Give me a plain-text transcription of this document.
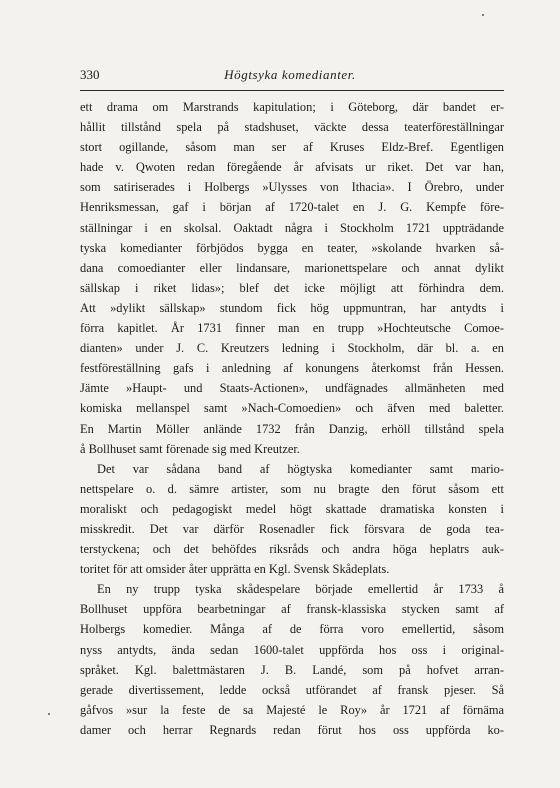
330	Högtsyka komedianter.
ett drama om Marstrands kapitulation; i Göteborg, där bandet er-
hållit tillstånd spela på stadshuset, väckte dessa teaterföreställningar
stort ogillande, såsom man ser af Kruses Eldz-Bref. Egentligen
hade v. Qwoten redan föregående år afvisats ur riket. Det var han,
som satiriserades i Holbergs »Ulysses von Ithacia». I Örebro, under
Henriksmessan, gaf i början af 1720-talet en J. G. Kempfe före-
ställningar i en skolsal. Oaktadt några i Stockholm 1721 uppträdande
tyska komedianter förbjödos bygga en teater, »skolande hvarken så-
dana comoedianter eller lindansare, marionettspelare och annat dylikt
sällskap i riket lidas»; blef det icke möjligt att förhindra dem.
Att »dylikt sällskap» stundom fick hög uppmuntran, har antydts i
förra kapitlet. År 1731 finner man en trupp »Hochteutsche Comoe-
dianten» under J. C. Kreutzers ledning i Stockholm, där bl. a. en
festföreställning gafs i anledning af konungens återkomst från Hessen.
Jämte »Haupt- und Staats-Actionen», undfägnades allmänheten med
komiska mellanspel samt »Nach-Comoedien» och äfven med baletter.
En Martin Möller anlände 1732 från Danzig, erhöll tillstånd spela
å Bollhuset samt förenade sig med Kreutzer.
Det var sådana band af högtyska komedianter samt mario-
nettspelare o. d. sämre artister, som nu bragte den förut såsom ett
moraliskt och pedagogiskt medel högt skattade dramatiska konsten i
misskredit. Det var därför Rosenadler fick försvara de goda tea-
terstyckena; och det behöfdes riksråds och andra höga heplatrs auk-
toritet för att omsider åter upprätta en Kgl. Svensk Skådeplats.
En ny trupp tyska skådespelare började emellertid år 1733 å
Bollhuset uppföra bearbetningar af fransk-klassiska stycken samt af
Holbergs komedier. Många af de förra voro emellertid, såsom
nyss antydts, ända sedan 1600-talet uppförda hos oss i original-
språket. Kgl. balettmästaren J. B. Landé, som på hofvet arran-
gerade divertissement, ledde också utförandet af fransk pjeser. Så
gåfvos »sur la feste de sa Majesté le Roy» år 1721 af förnäma
damer och herrar Regnards redan förut hos oss uppförda ko-
